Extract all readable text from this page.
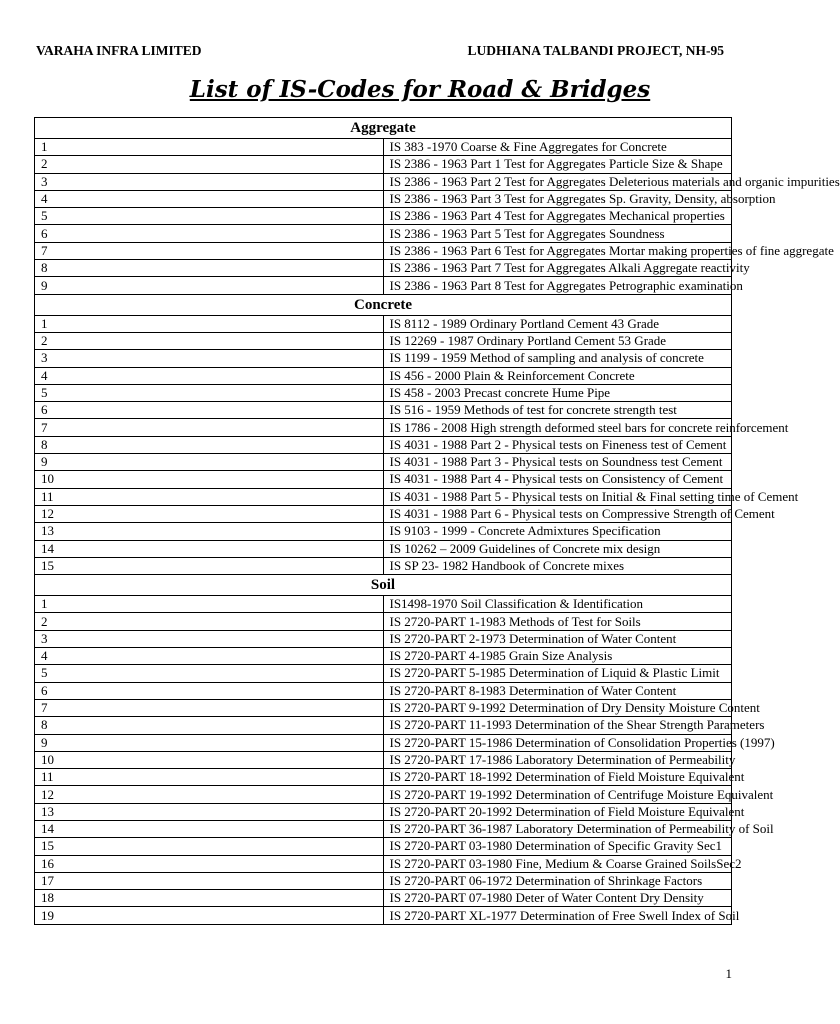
VARAHA INFRA LIMITED	LUDHIANA TALBANDI PROJECT, NH-95
List of IS-Codes for Road & Bridges
Aggregate	
1	IS 383 -1970 Coarse & Fine Aggregates for Concrete
2	IS 2386 - 1963 Part 1 Test for Aggregates Particle Size & Shape
3	IS 2386 - 1963 Part 2 Test for Aggregates Deleterious materials and organic impurities
4	IS 2386 - 1963 Part 3 Test for Aggregates Sp. Gravity, Density, absorption
5	IS 2386 - 1963 Part 4 Test for Aggregates Mechanical properties
6	IS 2386 - 1963 Part 5 Test for Aggregates Soundness
7	IS 2386 - 1963 Part 6 Test for Aggregates Mortar making properties of fine aggregate
8	IS 2386 - 1963 Part 7 Test for Aggregates Alkali Aggregate reactivity
9	IS 2386 - 1963 Part 8 Test for Aggregates Petrographic examination
Concrete	
1	IS 8112 - 1989 Ordinary Portland Cement 43 Grade
2	IS 12269 - 1987 Ordinary Portland Cement 53 Grade
3	IS 1199 - 1959 Method of sampling and analysis of concrete
4	IS 456 - 2000 Plain & Reinforcement Concrete
5	IS 458 - 2003 Precast concrete Hume Pipe
6	IS 516 - 1959 Methods of test for concrete strength test
7	IS 1786 - 2008 High strength deformed steel bars for concrete reinforcement
8	IS 4031 - 1988 Part 2 - Physical tests on Fineness test of Cement
9	IS 4031 - 1988 Part 3 - Physical tests on Soundness test Cement
10	IS 4031 - 1988 Part 4 - Physical tests on Consistency of Cement
11	IS 4031 - 1988 Part 5 - Physical tests on Initial & Final setting time of Cement
12	IS 4031 - 1988 Part 6 - Physical tests on Compressive Strength of Cement
13	IS 9103 - 1999 - Concrete Admixtures Specification
14	IS 10262 – 2009 Guidelines of Concrete mix design
15	IS SP 23- 1982 Handbook of Concrete mixes
Soil	
1	IS1498-1970 Soil Classification & Identification
2	IS 2720-PART 1-1983 Methods of Test for Soils
3	IS 2720-PART 2-1973 Determination of Water Content
4	IS 2720-PART 4-1985 Grain Size Analysis
5	IS 2720-PART 5-1985 Determination of Liquid & Plastic Limit
6	IS 2720-PART 8-1983 Determination of Water Content
7	IS 2720-PART 9-1992 Determination of Dry Density Moisture Content
8	IS 2720-PART 11-1993 Determination of the Shear Strength Parameters
9	IS 2720-PART 15-1986 Determination of Consolidation Properties (1997)
10	IS 2720-PART 17-1986 Laboratory Determination of Permeability
11	IS 2720-PART 18-1992 Determination of Field Moisture Equivalent
12	IS 2720-PART 19-1992 Determination of Centrifuge Moisture Equivalent
13	IS 2720-PART 20-1992 Determination of Field Moisture Equivalent
14	IS 2720-PART 36-1987 Laboratory Determination of Permeability of Soil
15	IS 2720-PART 03-1980 Determination of Specific Gravity Sec1
16	IS 2720-PART 03-1980 Fine, Medium & Coarse Grained SoilsSec2
17	IS 2720-PART 06-1972 Determination of Shrinkage Factors
18	IS 2720-PART 07-1980 Deter of Water Content Dry Density
19	IS 2720-PART XL-1977 Determination of Free Swell Index of Soil
1
